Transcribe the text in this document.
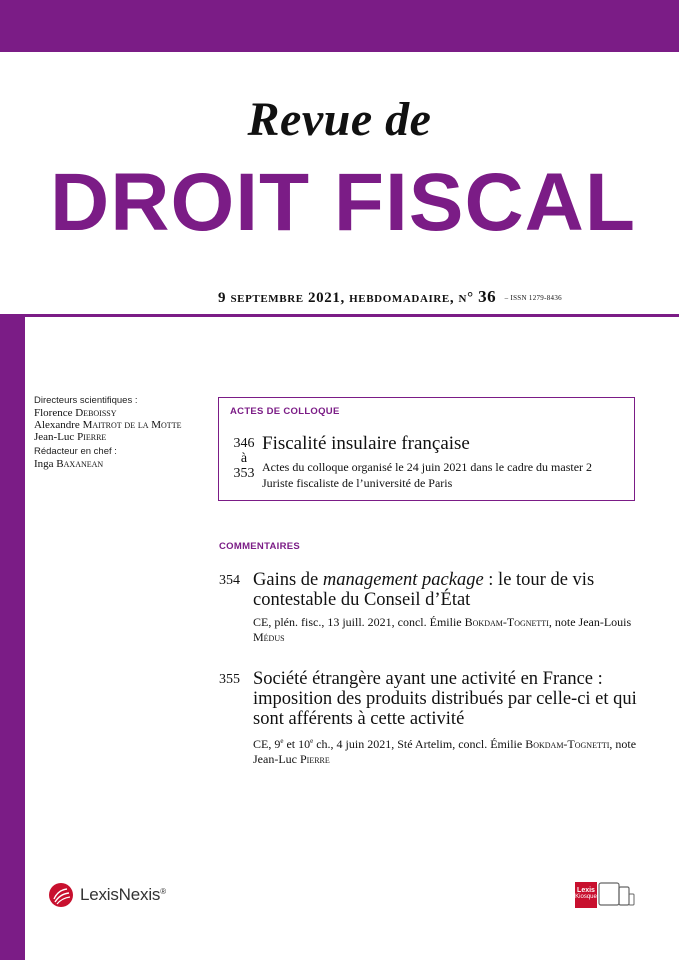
Revue de
DROIT FISCAL
9 septembre 2021, hebdomadaire, n° 36 – ISSN 1279-8436
Directeurs scientifiques :
Florence Deboissy
Alexandre Maitrot de la Motte
Jean-Luc Pierre
Rédacteur en chef :
Inga Baxanean
ACTES DE COLLOQUE
346
à
353
Fiscalité insulaire française
Actes du colloque organisé le 24 juin 2021 dans le cadre du master 2
Juriste fiscaliste de l’université de Paris
COMMENTAIRES
354 Gains de management package : le tour de vis contestable du Conseil d’État
CE, plén. fisc., 13 juill. 2021, concl. Émilie Bokdam-Tognetti, note Jean-Louis Médus
355 Société étrangère ayant une activité en France : imposition des produits distribués par celle-ci et qui sont afférents à cette activité
CE, 9e et 10e ch., 4 juin 2021, Sté Artelim, concl. Émilie Bokdam-Tognetti, note Jean-Luc Pierre
LexisNexis®	Lexis
Kiosque
